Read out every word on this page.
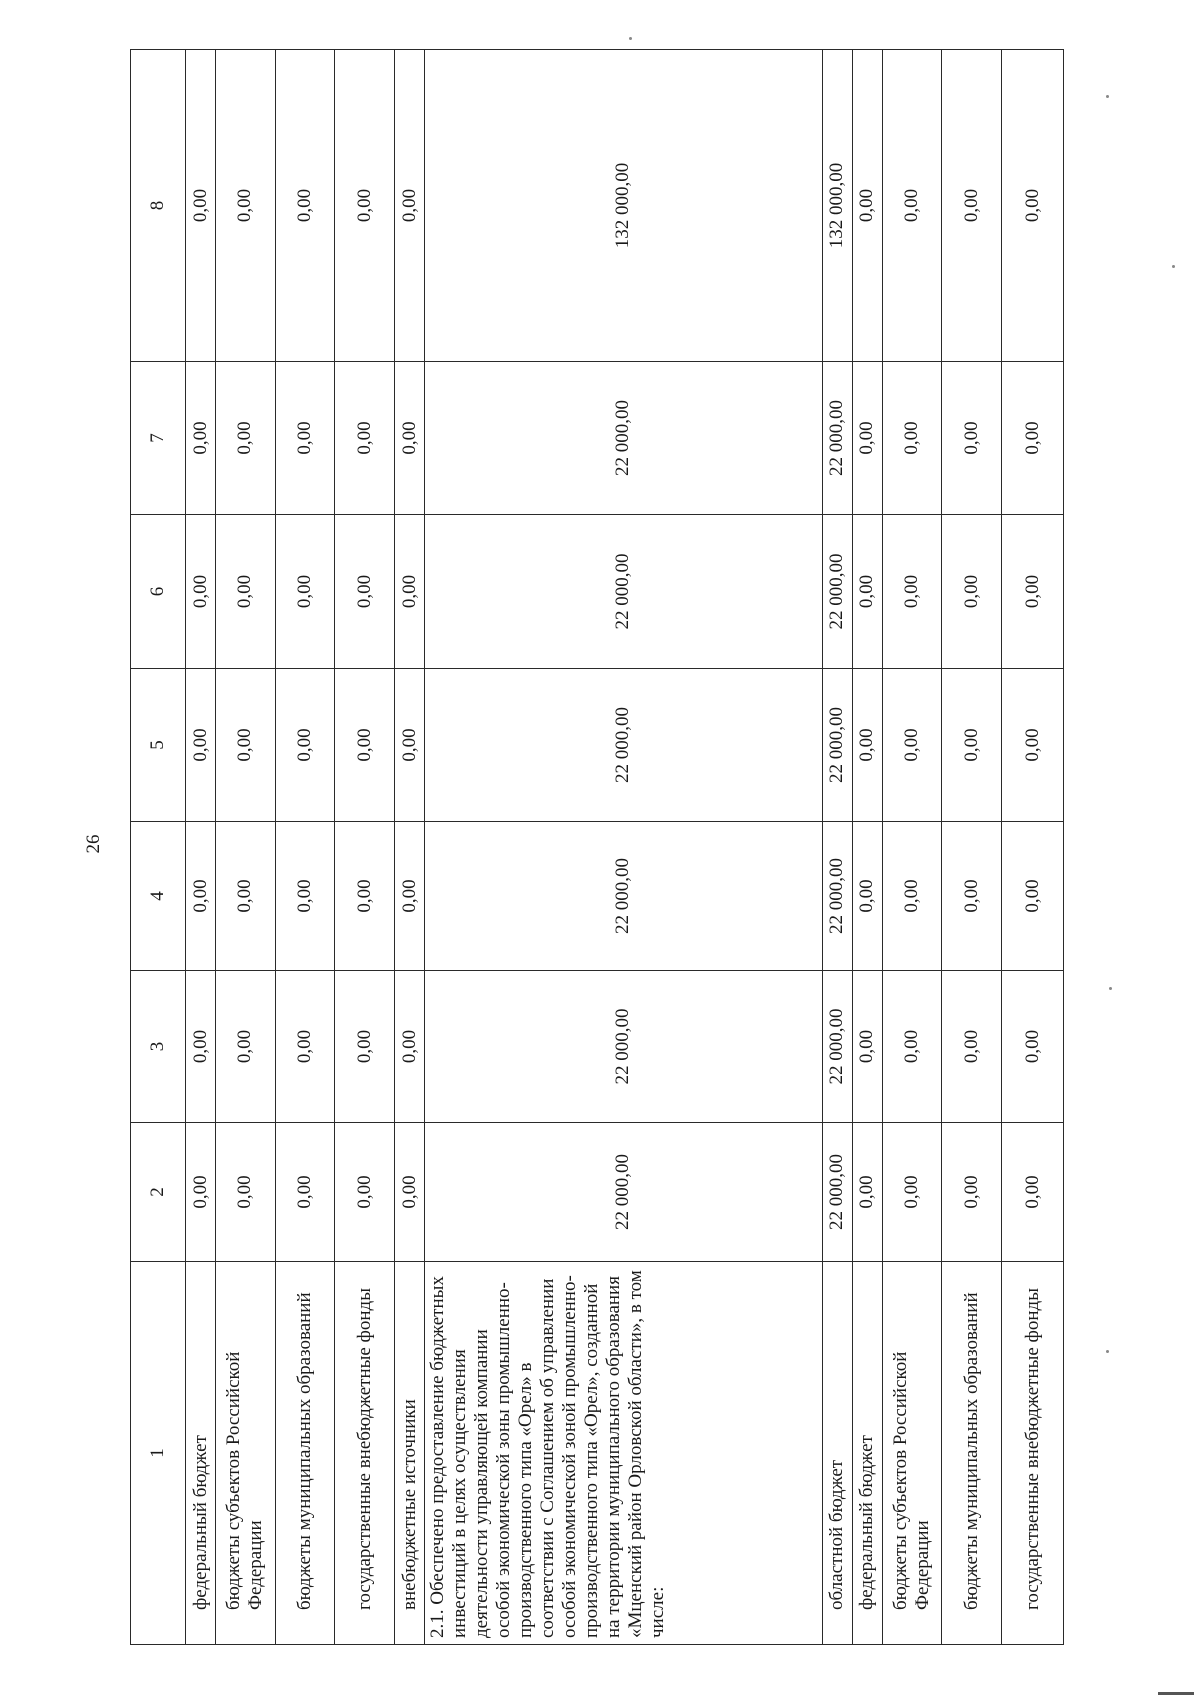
26
1	2	3	4	5	6	7	8
федеральный бюджет	0,00	0,00	0,00	0,00	0,00	0,00	0,00
бюджеты субъектов Российской Федерации	0,00	0,00	0,00	0,00	0,00	0,00	0,00
бюджеты муниципальных образований	0,00	0,00	0,00	0,00	0,00	0,00	0,00
государственные внебюджетные фонды	0,00	0,00	0,00	0,00	0,00	0,00	0,00
внебюджетные источники	0,00	0,00	0,00	0,00	0,00	0,00	0,00
2.1. Обеспечено предоставление бюджетных инвестиций в целях осуществления деятельности управляющей компании особой экономической зоны промышленно-производственного типа «Орел» в соответствии с Соглашением об управлении особой экономической зоной промышленно-производственного типа «Орел», созданной на территории муниципального образования «Мценский район Орловской области», в том числе:	22 000,00	22 000,00	22 000,00	22 000,00	22 000,00	22 000,00	132 000,00
областной бюджет	22 000,00	22 000,00	22 000,00	22 000,00	22 000,00	22 000,00	132 000,00
федеральный бюджет	0,00	0,00	0,00	0,00	0,00	0,00	0,00
бюджеты субъектов Российской Федерации	0,00	0,00	0,00	0,00	0,00	0,00	0,00
бюджеты муниципальных образований	0,00	0,00	0,00	0,00	0,00	0,00	0,00
государственные внебюджетные фонды	0,00	0,00	0,00	0,00	0,00	0,00	0,00
